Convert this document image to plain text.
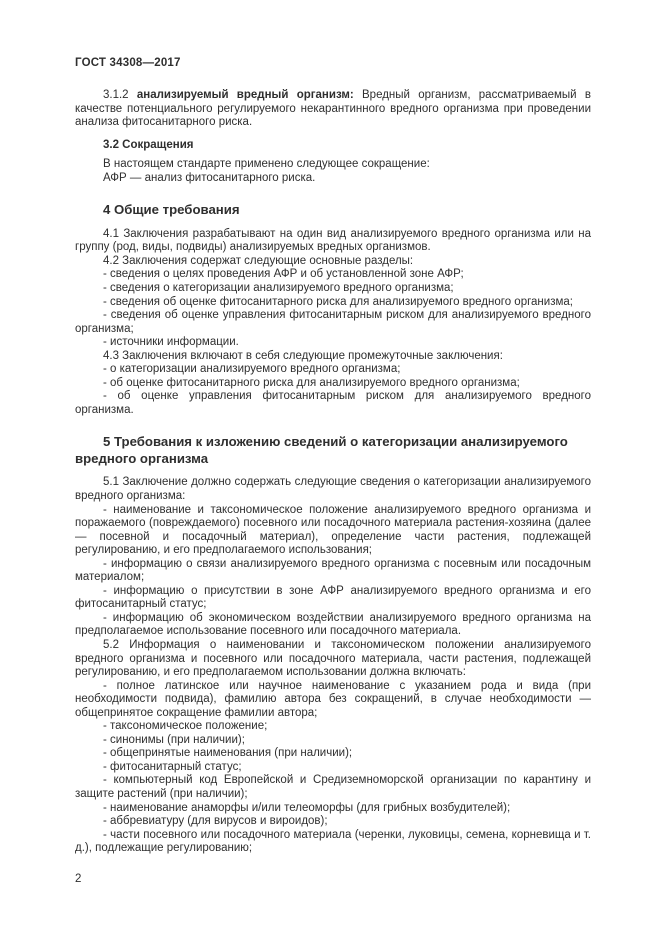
ГОСТ 34308—2017

3.1.2 анализируемый вредный организм: Вредный организм, рассматриваемый в качестве потенциального регулируемого некарантинного вредного организма при проведении анализа фитосанитарного риска.

3.2 Сокращения

В настоящем стандарте применено следующее сокращение:

АФР — анализ фитосанитарного риска.

4 Общие требования

4.1 Заключения разрабатывают на один вид анализируемого вредного организма или на группу (род, виды, подвиды) анализируемых вредных организмов.

4.2 Заключения содержат следующие основные разделы:

- сведения о целях проведения АФР и об установленной зоне АФР;

- сведения о категоризации анализируемого вредного организма;

- сведения об оценке фитосанитарного риска для анализируемого вредного организма;

- сведения об оценке управления фитосанитарным риском для анализируемого вредного организма;

- источники информации.

4.3 Заключения включают в себя следующие промежуточные заключения:

- о категоризации анализируемого вредного организма;

- об оценке фитосанитарного риска для анализируемого вредного организма;

- об оценке управления фитосанитарным риском для анализируемого вредного организма.

5 Требования к изложению сведений о категоризации анализируемого вредного организма

5.1 Заключение должно содержать следующие сведения о категоризации анализируемого вредного организма:

- наименование и таксономическое положение анализируемого вредного организма и поражаемого (повреждаемого) посевного или посадочного материала растения-хозяина (далее — посевной и посадочный материал), определение части растения, подлежащей регулированию, и его предполагаемого использования;

- информацию о связи анализируемого вредного организма с посевным или посадочным материалом;

- информацию о присутствии в зоне АФР анализируемого вредного организма и его фитосанитарный статус;

- информацию об экономическом воздействии анализируемого вредного организма на предполагаемое использование посевного или посадочного материала.

5.2 Информация о наименовании и таксономическом положении анализируемого вредного организма и посевного или посадочного материала, части растения, подлежащей регулированию, и его предполагаемом использовании должна включать:

- полное латинское или научное наименование с указанием рода и вида (при необходимости подвида), фамилию автора без сокращений, в случае необходимости — общепринятое сокращение фамилии автора;

- таксономическое положение;

- синонимы (при наличии);

- общепринятые наименования (при наличии);

- фитосанитарный статус;

- компьютерный код Европейской и Средиземноморской организации по карантину и защите растений (при наличии);

- наименование анаморфы и/или телеоморфы (для грибных возбудителей);

- аббревиатуру (для вирусов и вироидов);

- части посевного или посадочного материала (черенки, луковицы, семена, корневища и т. д.), подлежащие регулированию;

2
